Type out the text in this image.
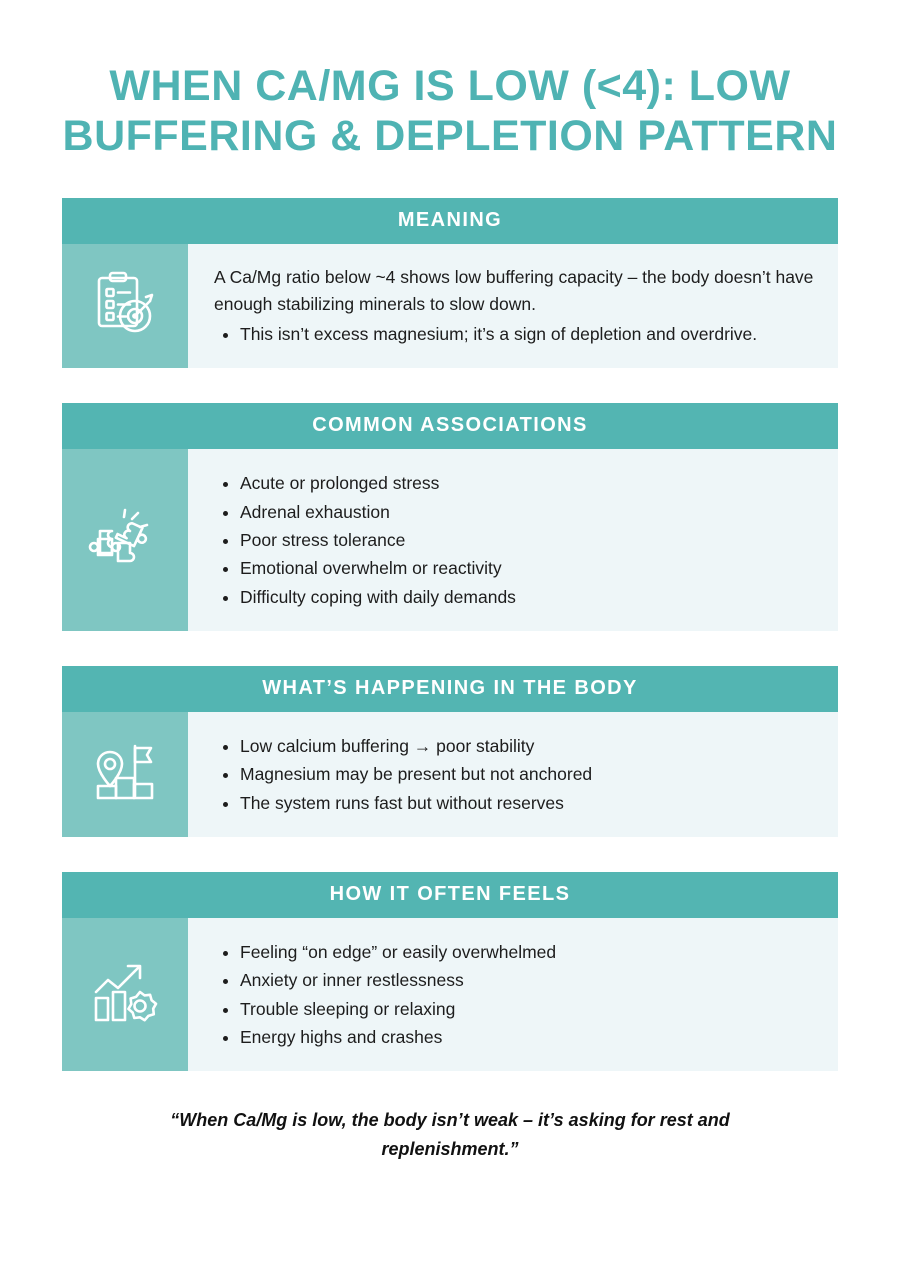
WHEN CA/MG IS LOW (<4): LOW BUFFERING & DEPLETION PATTERN
MEANING

A Ca/Mg ratio below ~4 shows low buffering capacity – the body doesn’t have enough stabilizing minerals to slow down.

• This isn’t excess magnesium; it’s a sign of depletion and overdrive.
COMMON ASSOCIATIONS
• Acute or prolonged stress
• Adrenal exhaustion
• Poor stress tolerance
• Emotional overwhelm or reactivity
• Difficulty coping with daily demands
WHAT’S HAPPENING IN THE BODY
• Low calcium buffering → poor stability
• Magnesium may be present but not anchored
• The system runs fast but without reserves
HOW IT OFTEN FEELS
• Feeling “on edge” or easily overwhelmed
• Anxiety or inner restlessness
• Trouble sleeping or relaxing
• Energy highs and crashes
“When Ca/Mg is low, the body isn’t weak – it’s asking for rest and replenishment.”
